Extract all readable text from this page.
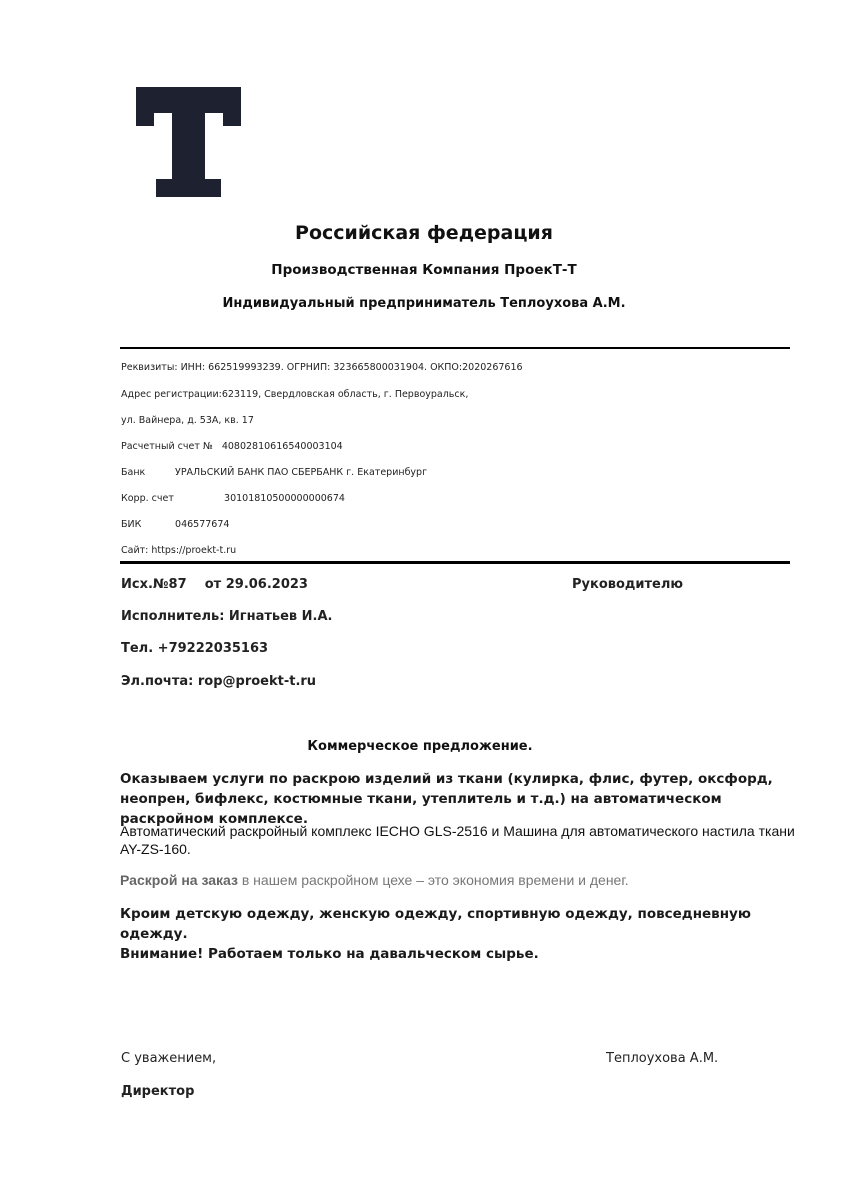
Российская федерация
Производственная Компания ПроекТ-Т
Индивидуальный предприниматель Теплоухова А.М.
Реквизиты: ИНН: 662519993239. ОГРНИП: 323665800031904. ОКПО:2020267616
Адрес регистрации:623119, Свердловская область, г. Первоуральск,
ул. Вайнера, д. 53А, кв. 17
Расчетный счет № 40802810616540003104
Банк	УРАЛЬСКИЙ БАНК ПАО СБЕРБАНК г. Екатеринбург
Корр. счет	30101810500000000674
БИК	046577674
Сайт: https://proekt-t.ru
Исх.№87    от 29.06.2023	Руководителю
Исполнитель: Игнатьев И.А.
Тел. +79222035163
Эл.почта: rop@proekt-t.ru
Коммерческое предложение.
Оказываем услуги по раскрою изделий из ткани (кулирка, флис, футер, оксфорд, неопрен, бифлекс, костюмные ткани, утеплитель и т.д.) на автоматическом раскройном комплексе.
Автоматический раскройный комплекс IECHO GLS-2516 и Машина для автоматического настила ткани AY-ZS-160.
Раскрой на заказ в нашем раскройном цехе – это экономия времени и денег.
Кроим детскую одежду, женскую одежду, спортивную одежду, повседневную одежду.
Внимание! Работаем только на давальческом сырье.
С уважением,	Теплоухова А.М.
Директор
